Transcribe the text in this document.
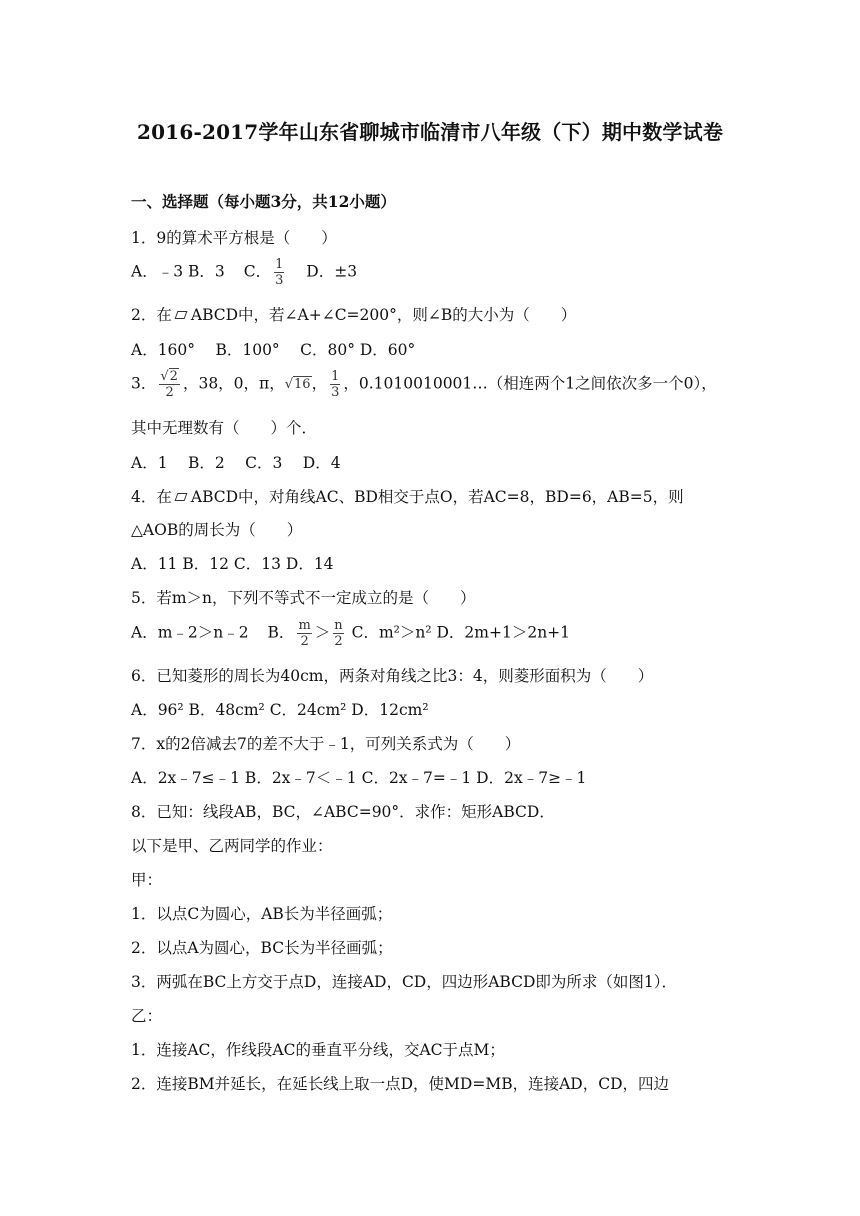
2016-2017学年山东省聊城市临清市八年级（下）期中数学试卷
一、选择题（每小题3分，共12小题）
1．9的算术平方根是（　　）
A．﹣3 B．3 C． $\frac{1}{3}$ D．±3
2．在 ABCD中，若∠A+∠C=200°，则∠B的大小为（　　）
A．160°　 B．100°　 C．80° D．60°
3． $\frac{√2}{2}$ ，38，0，π，√16， $\frac{1}{3}$ ，0.1010010001…（相连两个1之间依次多一个0），
其中无理数有（　　）个．
A．1　 B．2　 C．3　 D．4
4．在 ABCD中，对角线AC、BD相交于点O，若AC=8，BD=6，AB=5，则
△AOB的周长为（　　）
A．11 B．12 C．13 D．14
5．若m＞n，下列不等式不一定成立的是（　　）
A．m﹣2＞n﹣2 B． $\frac{m}{2} > \frac{n}{2}$ C．m²＞n² D．2m+1＞2n+1
6．已知菱形的周长为40cm，两条对角线之比3：4，则菱形面积为（　　）
A．96² B．48cm² C．24cm² D．12cm²
7．x的2倍减去7的差不大于﹣1，可列关系式为（　　）
A．2x﹣7≤﹣1 B．2x﹣7＜﹣1 C．2x﹣7=﹣1 D．2x﹣7≥﹣1
8．已知：线段AB，BC，∠ABC=90°．求作：矩形ABCD．
以下是甲、乙两同学的作业：
甲：
1．以点C为圆心，AB长为半径画弧；
2．以点A为圆心，BC长为半径画弧；
3．两弧在BC上方交于点D，连接AD，CD，四边形ABCD即为所求（如图1）．
乙：
1．连接AC，作线段AC的垂直平分线，交AC于点M；
2．连接BM并延长，在延长线上取一点D，使MD=MB，连接AD，CD，四边
